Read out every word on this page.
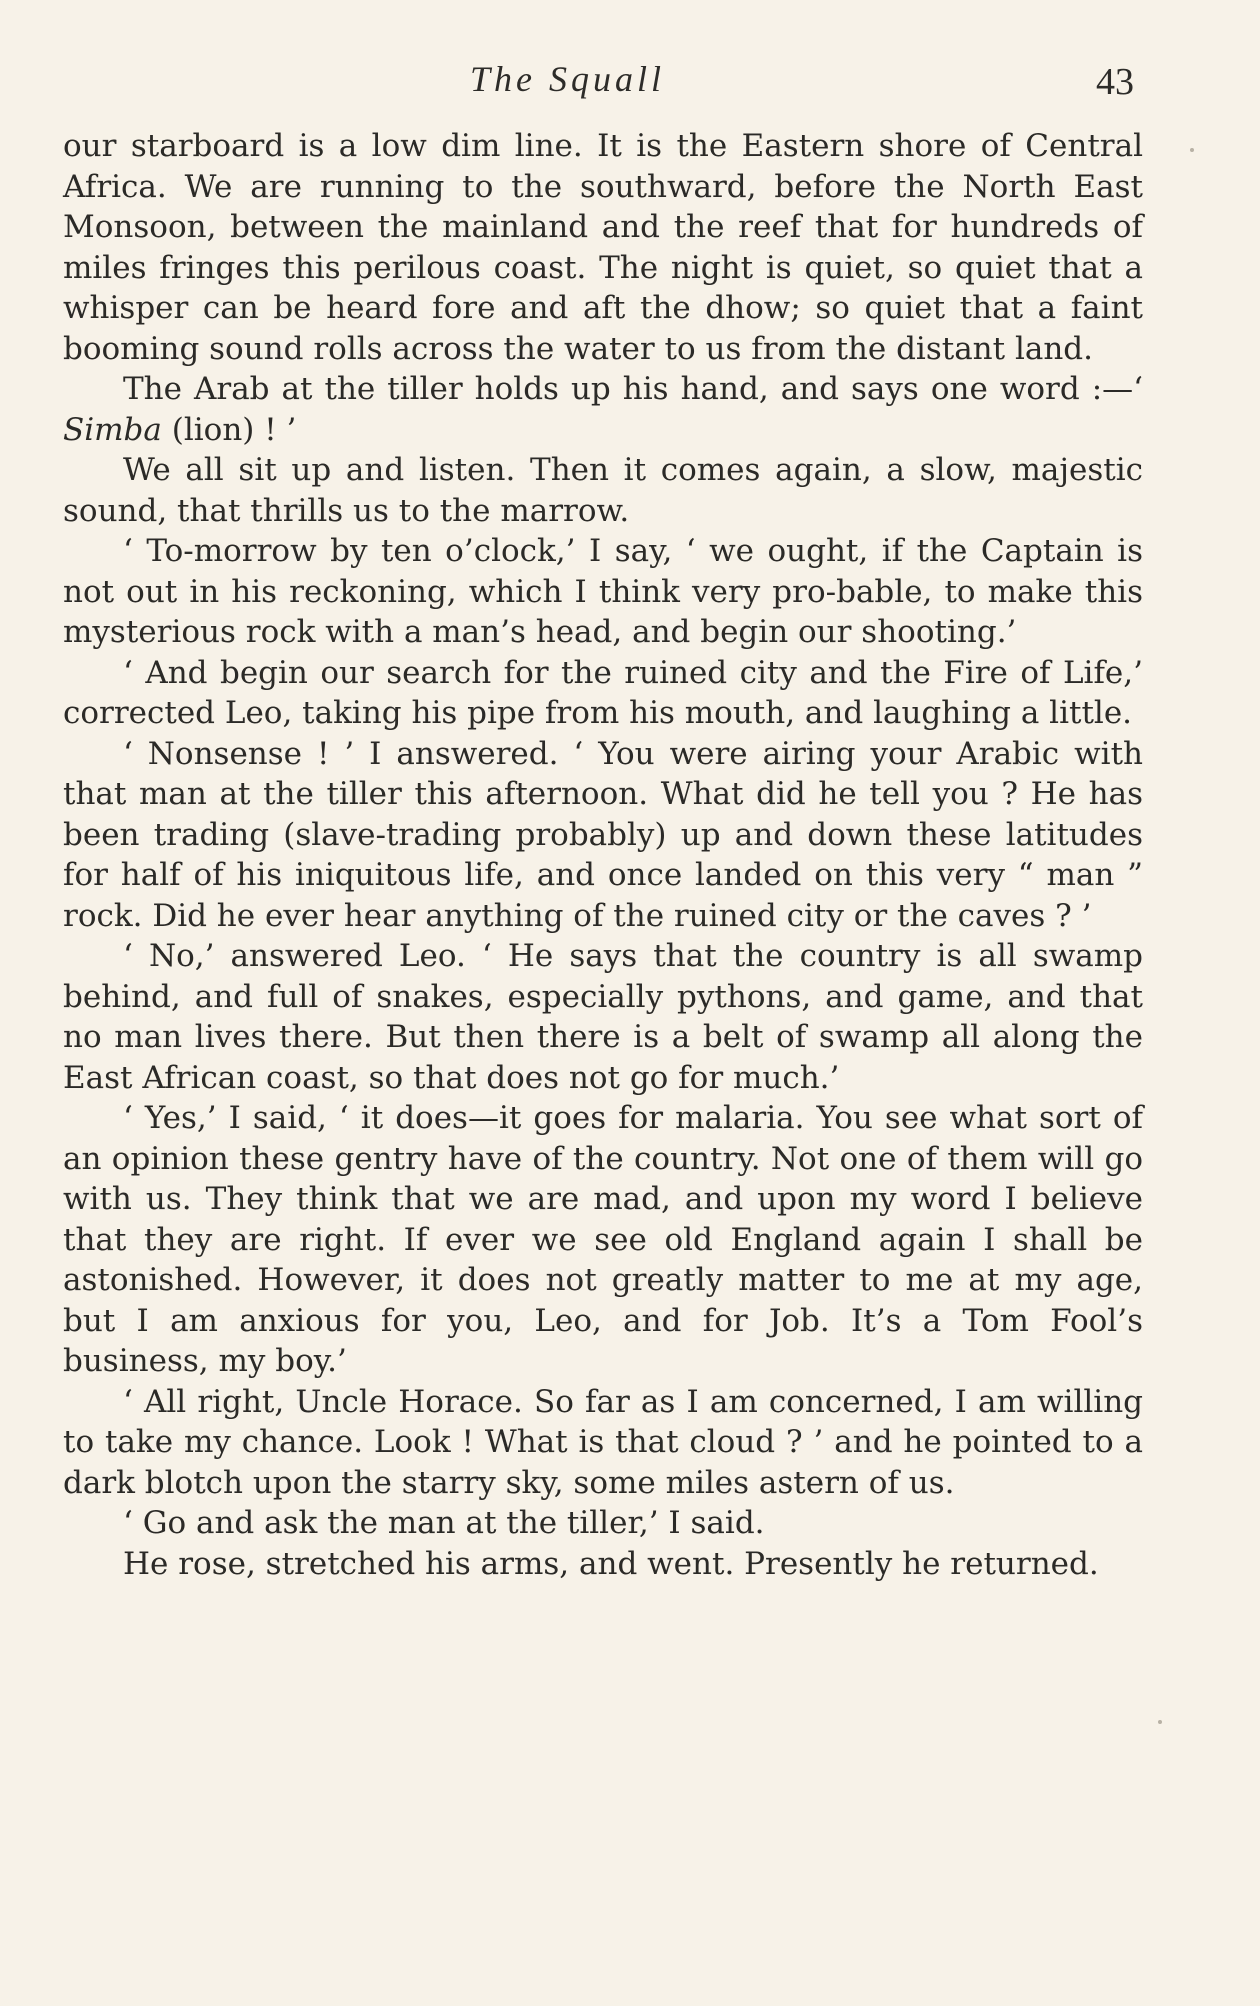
The Squall	43

our starboard is a low dim line. It is the Eastern shore of Central Africa. We are running to the southward, before the North East Monsoon, between the mainland and the reef that for hundreds of miles fringes this perilous coast. The night is quiet, so quiet that a whisper can be heard fore and aft the dhow; so quiet that a faint booming sound rolls across the water to us from the distant land.

The Arab at the tiller holds up his hand, and says one word :—‘ Simba (lion) ! ’

We all sit up and listen. Then it comes again, a slow, majestic sound, that thrills us to the marrow.

‘ To-morrow by ten o’clock,’ I say, ‘ we ought, if the Captain is not out in his reckoning, which I think very pro-bable, to make this mysterious rock with a man’s head, and begin our shooting.’

‘ And begin our search for the ruined city and the Fire of Life,’ corrected Leo, taking his pipe from his mouth, and laughing a little.

‘ Nonsense ! ’ I answered. ‘ You were airing your Arabic with that man at the tiller this afternoon. What did he tell you ? He has been trading (slave-trading probably) up and down these latitudes for half of his iniquitous life, and once landed on this very “ man ” rock. Did he ever hear anything of the ruined city or the caves ? ’

‘ No,’ answered Leo. ‘ He says that the country is all swamp behind, and full of snakes, especially pythons, and game, and that no man lives there. But then there is a belt of swamp all along the East African coast, so that does not go for much.’

‘ Yes,’ I said, ‘ it does—it goes for malaria. You see what sort of an opinion these gentry have of the country. Not one of them will go with us. They think that we are mad, and upon my word I believe that they are right. If ever we see old England again I shall be astonished. However, it does not greatly matter to me at my age, but I am anxious for you, Leo, and for Job. It’s a Tom Fool’s business, my boy.’

‘ All right, Uncle Horace. So far as I am concerned, I am willing to take my chance. Look ! What is that cloud ? ’ and he pointed to a dark blotch upon the starry sky, some miles astern of us.

‘ Go and ask the man at the tiller,’ I said.

He rose, stretched his arms, and went. Presently he returned.
